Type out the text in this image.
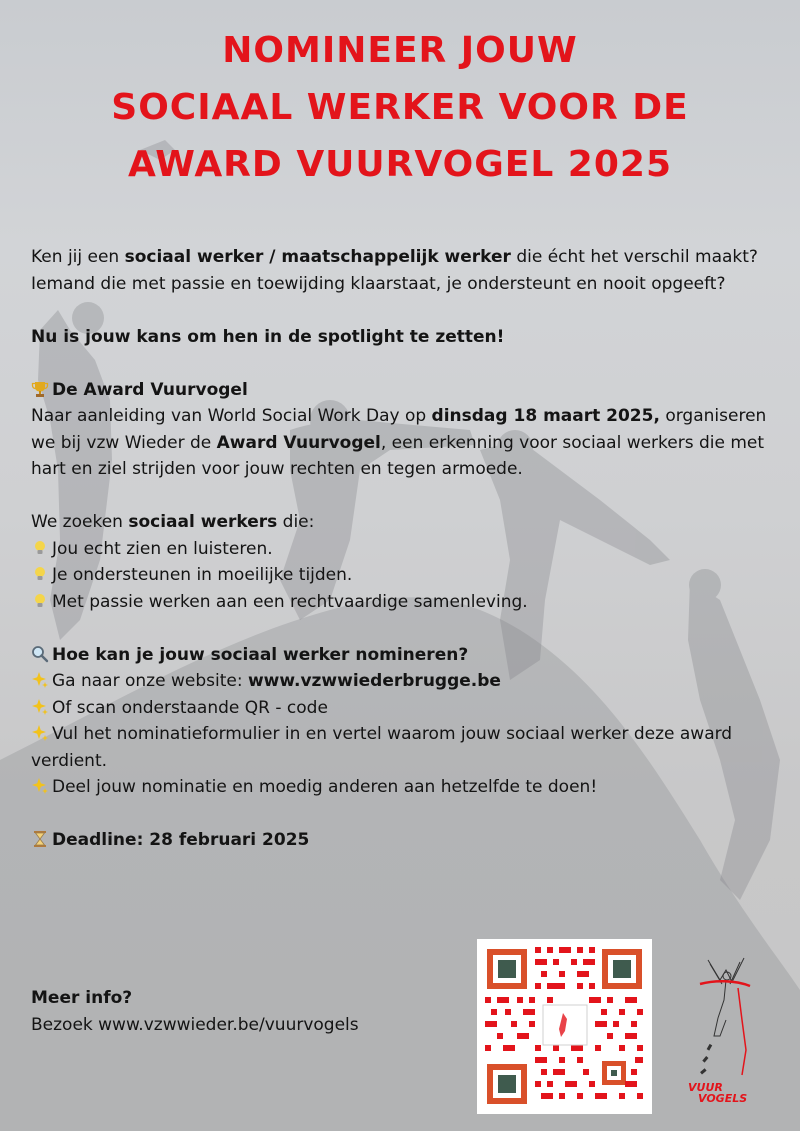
NOMINEER JOUW
SOCIAAL WERKER VOOR DE
AWARD VUURVOGEL 2025

Ken jij een sociaal werker / maatschappelijk werker die écht het verschil maakt?

Iemand die met passie en toewijding klaarstaat, je ondersteunt en nooit opgeeft?

Nu is jouw kans om hen in de spotlight te zetten!

De Award Vuurvogel

Naar aanleiding van World Social Work Day op dinsdag 18 maart 2025, organiseren we bij vzw Wieder de Award Vuurvogel, een erkenning voor sociaal werkers die met hart en ziel strijden voor jouw rechten en tegen armoede.

We zoeken sociaal werkers die:

Jou echt zien en luisteren.

Je ondersteunen in moeilijke tijden.

Met passie werken aan een rechtvaardige samenleving.

Hoe kan je jouw sociaal werker nomineren?

Ga naar onze website: www.vzwwiederbrugge.be

Of scan onderstaande QR - code

Vul het nominatieformulier in en vertel waarom jouw sociaal werker deze award verdient.

Deel jouw nominatie en moedig anderen aan hetzelfde te doen!

Deadline: 28 februari 2025

Meer info?

Bezoek www.vzwwieder.be/vuurvogels

VUUR
VOGELS
